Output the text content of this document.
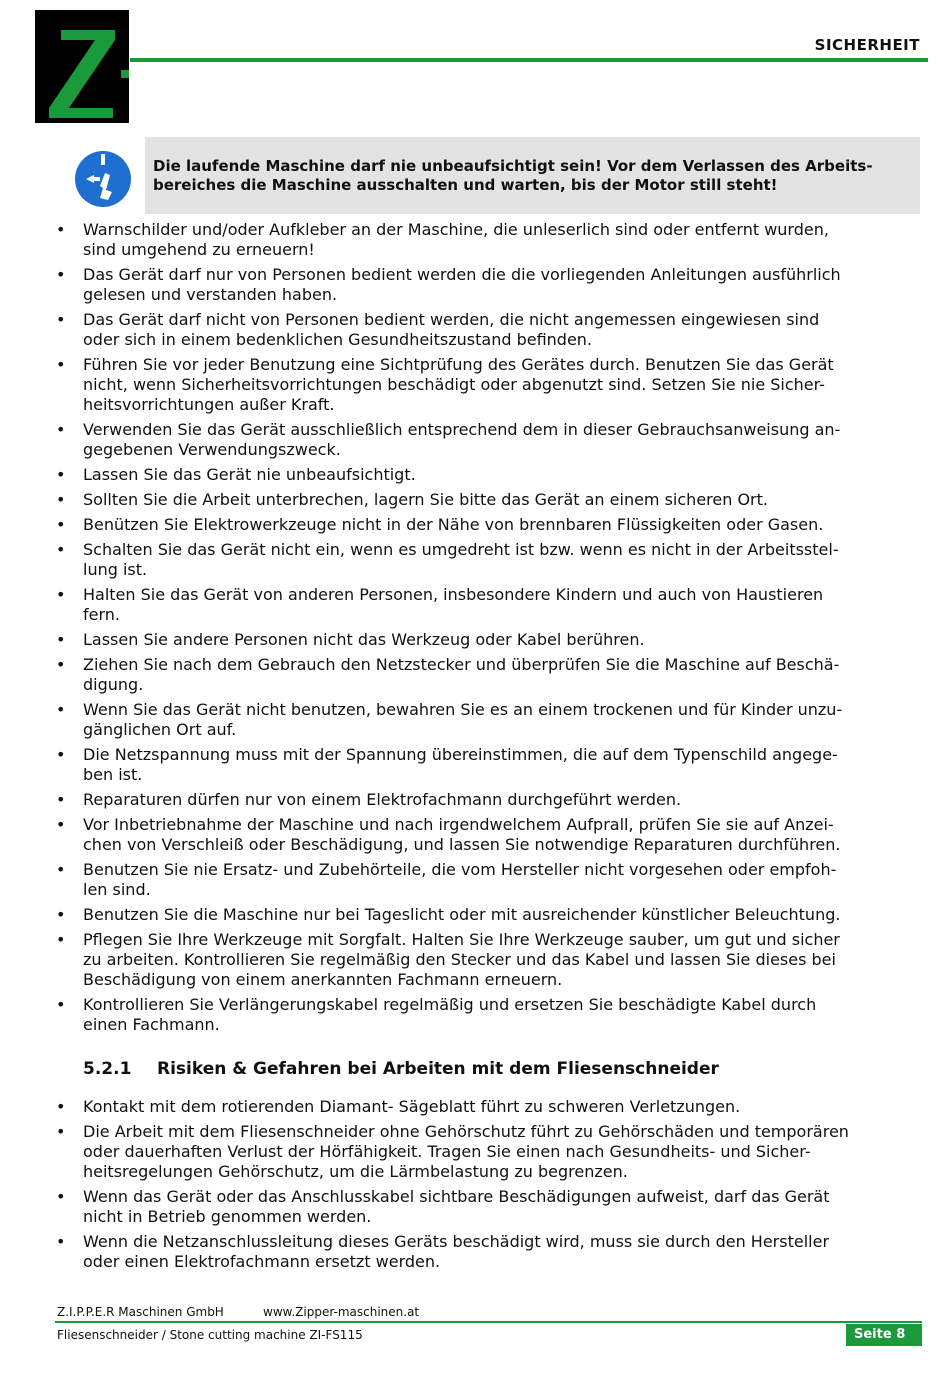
SICHERHEIT
Die laufende Maschine darf nie unbeaufsichtigt sein! Vor dem Verlassen des Arbeits-
bereiches die Maschine ausschalten und warten, bis der Motor still steht!
• Warnschilder und/oder Aufkleber an der Maschine, die unleserlich sind oder entfernt wurden,
sind umgehend zu erneuern!
• Das Gerät darf nur von Personen bedient werden die die vorliegenden Anleitungen ausführlich
gelesen und verstanden haben.
• Das Gerät darf nicht von Personen bedient werden, die nicht angemessen eingewiesen sind
oder sich in einem bedenklichen Gesundheitszustand befinden.
• Führen Sie vor jeder Benutzung eine Sichtprüfung des Gerätes durch. Benutzen Sie das Gerät
nicht, wenn Sicherheitsvorrichtungen beschädigt oder abgenutzt sind. Setzen Sie nie Sicher-
heitsvorrichtungen außer Kraft.
• Verwenden Sie das Gerät ausschließlich entsprechend dem in dieser Gebrauchsanweisung an-
gegebenen Verwendungszweck.
• Lassen Sie das Gerät nie unbeaufsichtigt.
• Sollten Sie die Arbeit unterbrechen, lagern Sie bitte das Gerät an einem sicheren Ort.
• Benützen Sie Elektrowerkzeuge nicht in der Nähe von brennbaren Flüssigkeiten oder Gasen.
• Schalten Sie das Gerät nicht ein, wenn es umgedreht ist bzw. wenn es nicht in der Arbeitsstel-
lung ist.
• Halten Sie das Gerät von anderen Personen, insbesondere Kindern und auch von Haustieren
fern.
• Lassen Sie andere Personen nicht das Werkzeug oder Kabel berühren.
• Ziehen Sie nach dem Gebrauch den Netzstecker und überprüfen Sie die Maschine auf Beschä-
digung.
• Wenn Sie das Gerät nicht benutzen, bewahren Sie es an einem trockenen und für Kinder unzu-
gänglichen Ort auf.
• Die Netzspannung muss mit der Spannung übereinstimmen, die auf dem Typenschild angege-
ben ist.
• Reparaturen dürfen nur von einem Elektrofachmann durchgeführt werden.
• Vor Inbetriebnahme der Maschine und nach irgendwelchem Aufprall, prüfen Sie sie auf Anzei-
chen von Verschleiß oder Beschädigung, und lassen Sie notwendige Reparaturen durchführen.
• Benutzen Sie nie Ersatz- und Zubehörteile, die vom Hersteller nicht vorgesehen oder empfoh-
len sind.
• Benutzen Sie die Maschine nur bei Tageslicht oder mit ausreichender künstlicher Beleuchtung.
• Pflegen Sie Ihre Werkzeuge mit Sorgfalt. Halten Sie Ihre Werkzeuge sauber, um gut und sicher
zu arbeiten. Kontrollieren Sie regelmäßig den Stecker und das Kabel und lassen Sie dieses bei
Beschädigung von einem anerkannten Fachmann erneuern.
• Kontrollieren Sie Verlängerungskabel regelmäßig und ersetzen Sie beschädigte Kabel durch
einen Fachmann.
5.2.1 Risiken & Gefahren bei Arbeiten mit dem Fliesenschneider
• Kontakt mit dem rotierenden Diamant- Sägeblatt führt zu schweren Verletzungen.
• Die Arbeit mit dem Fliesenschneider ohne Gehörschutz führt zu Gehörschäden und temporären
oder dauerhaften Verlust der Hörfähigkeit. Tragen Sie einen nach Gesundheits- und Sicher-
heitsregelungen Gehörschutz, um die Lärmbelastung zu begrenzen.
• Wenn das Gerät oder das Anschlusskabel sichtbare Beschädigungen aufweist, darf das Gerät
nicht in Betrieb genommen werden.
• Wenn die Netzanschlussleitung dieses Geräts beschädigt wird, muss sie durch den Hersteller
oder einen Elektrofachmann ersetzt werden.
Z.I.P.P.E.R Maschinen GmbH	www.Zipper-maschinen.at
Fliesenschneider / Stone cutting machine ZI-FS115	Seite 8
